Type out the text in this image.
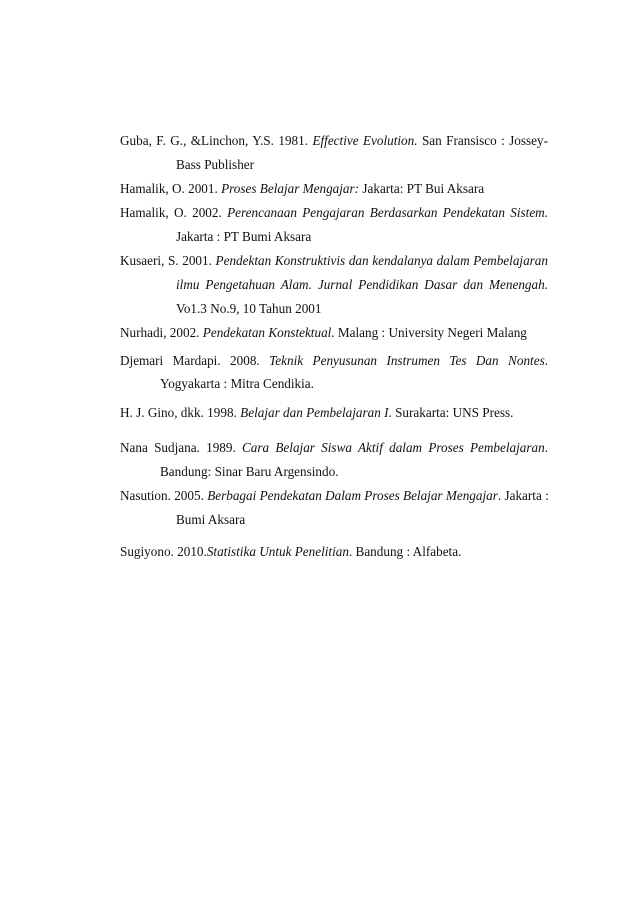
Guba, F. G., &Linchon, Y.S. 1981. Effective Evolution. San Fransisco : Jossey-
Bass Publisher
Hamalik, O. 2001. Proses Belajar Mengajar: Jakarta: PT Bui Aksara
Hamalik, O. 2002. Perencanaan Pengajaran Berdasarkan Pendekatan Sistem.
Jakarta : PT Bumi Aksara
Kusaeri, S. 2001. Pendektan Konstruktivis dan kendalanya dalam Pembelajaran
ilmu Pengetahuan Alam. Jurnal Pendidikan Dasar dan Menengah.
Vo1.3 No.9, 10 Tahun 2001
Nurhadi, 2002. Pendekatan Konstektual. Malang : University Negeri Malang
Djemari Mardapi. 2008. Teknik Penyusunan Instrumen Tes Dan Nontes.
Yogyakarta : Mitra Cendikia.
H. J. Gino, dkk. 1998. Belajar dan Pembelajaran I. Surakarta: UNS Press.
Nana Sudjana. 1989. Cara Belajar Siswa Aktif dalam Proses Pembelajaran.
Bandung: Sinar Baru Argensindo.
Nasution. 2005. Berbagai Pendekatan Dalam Proses Belajar Mengajar. Jakarta :
Bumi Aksara
Sugiyono. 2010.Statistika Untuk Penelitian. Bandung : Alfabeta.
